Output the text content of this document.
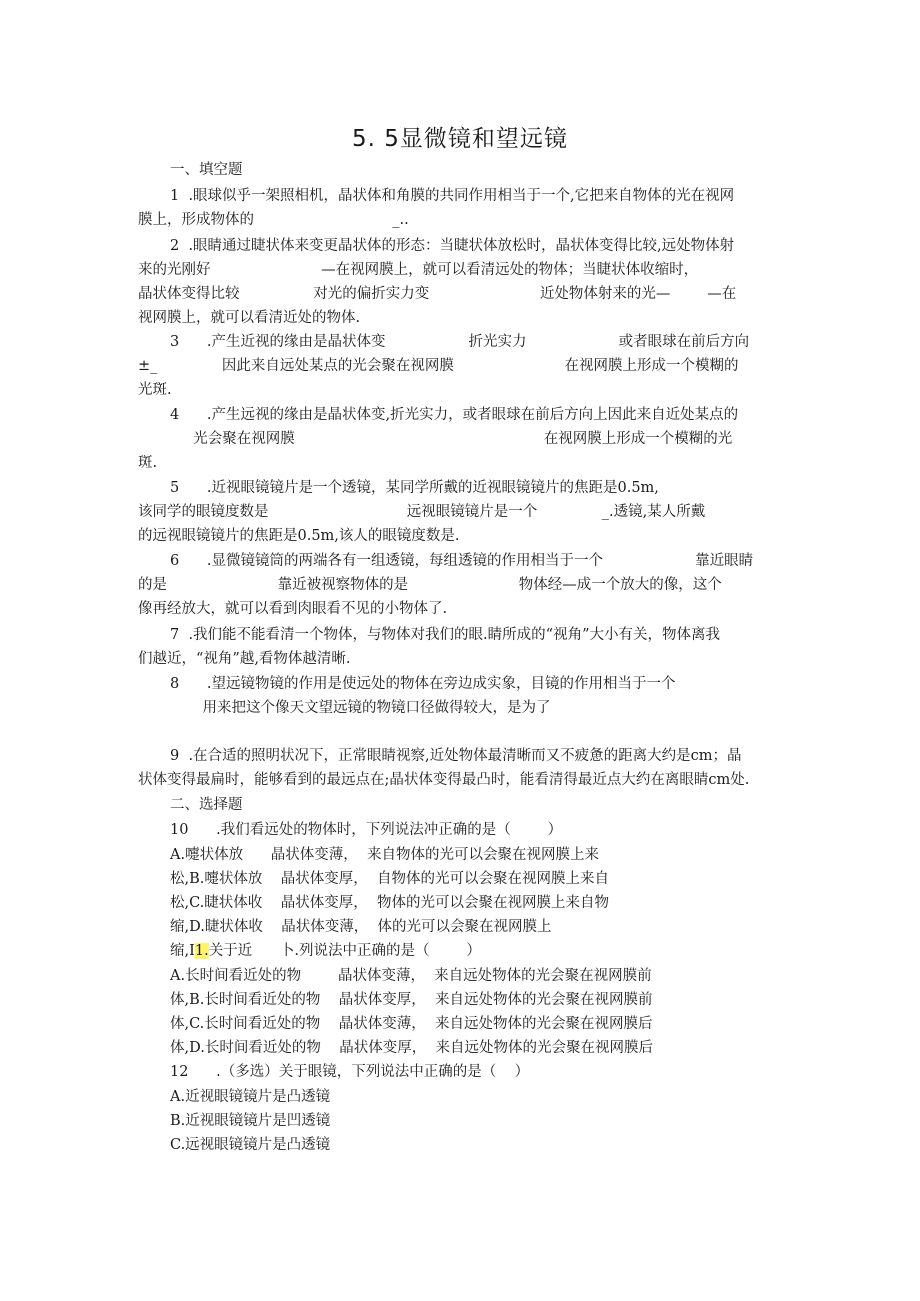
5. 5显微镜和望远镜
一、填空题
1  .眼球似乎一架照相机，晶状体和角膜的共同作用相当于一个,它把来自物体的光在视网
膜上，形成物体的                              _..
2  .眼睛通过睫状体来变更晶状体的形态：当睫状体放松时，晶状体变得比较,远处物体射
来的光刚好                        —在视网膜上，就可以看清远处的物体；当睫状体收缩时，
晶状体变得比较                对光的偏折实力变                        近处物体射来的光—        —在
视网膜上，就可以看清近处的物体.
3      .产生近视的缘由是晶状体变                  折光实力                    或者眼球在前后方向
±_              因此来自远处某点的光会聚在视网膜                        在视网膜上形成一个模糊的
光斑.
4      .产生远视的缘由是晶状体变,折光实力，或者眼球在前后方向上因此来自近处某点的
光会聚在视网膜                                                      在视网膜上形成一个模糊的光
斑.
5      .近视眼镜镜片是一个透镜，某同学所戴的近视眼镜镜片的焦距是0.5m,
该同学的眼镜度数是                              远视眼镜镜片是一个              _.透镜,某人所戴
的远视眼镜镜片的焦距是0.5m,该人的眼镜度数是.
6      .显微镜镜筒的两端各有一组透镜，每组透镜的作用相当于一个                    靠近眼睛
的是                        靠近被视察物体的是                        物体经—成一个放大的像，这个
像再经放大，就可以看到肉眼看不见的小物体了.
7  .我们能不能看清一个物体，与物体对我们的眼.睛所成的“视角”大小有关，物体离我
们越近，“视角”越,看物体越清晰.
8      .望远镜物镜的作用是使远处的物体在旁边成实象，目镜的作用相当于一个
用来把这个像天文望远镜的物镜口径做得较大，是为了
9  .在合适的照明状况下，正常眼睛视察,近处物体最清晰而又不疲惫的距离大约是cm；晶
状体变得最扁时，能够看到的最远点在;晶状体变得最凸时，能看清得最近点大约在离眼睛cm处.
二、选择题
10      .我们看远处的物体时，下列说法冲正确的是（        ）
A.嚏状体放      晶状体变薄，  来自物体的光可以会聚在视网膜上来
松,B.嚏状体放    晶状体变厚，  自物体的光可以会聚在视网膜上来自
松,C.睫状体收    晶状体变厚，  物体的光可以会聚在视网膜上来自物
缩,D.睫状体收    晶状体变薄，  体的光可以会聚在视网膜上
缩,I1.关于近      卜.列说法中正确的是（        ）
A.长时间看近处的物        晶状体变薄，  来自远处物体的光会聚在视网膜前
体,B.长时间看近处的物    晶状体变厚，  来自远处物体的光会聚在视网膜前
体,C.长时间看近处的物    晶状体变薄，  来自远处物体的光会聚在视网膜后
体,D.长时间看近处的物    晶状体变厚，  来自远处物体的光会聚在视网膜后
12      .（多选）关于眼镜，下列说法中正确的是（    ）
A.近视眼镜镜片是凸透镜
B.近视眼镜镜片是凹透镜
C.远视眼镜镜片是凸透镜
